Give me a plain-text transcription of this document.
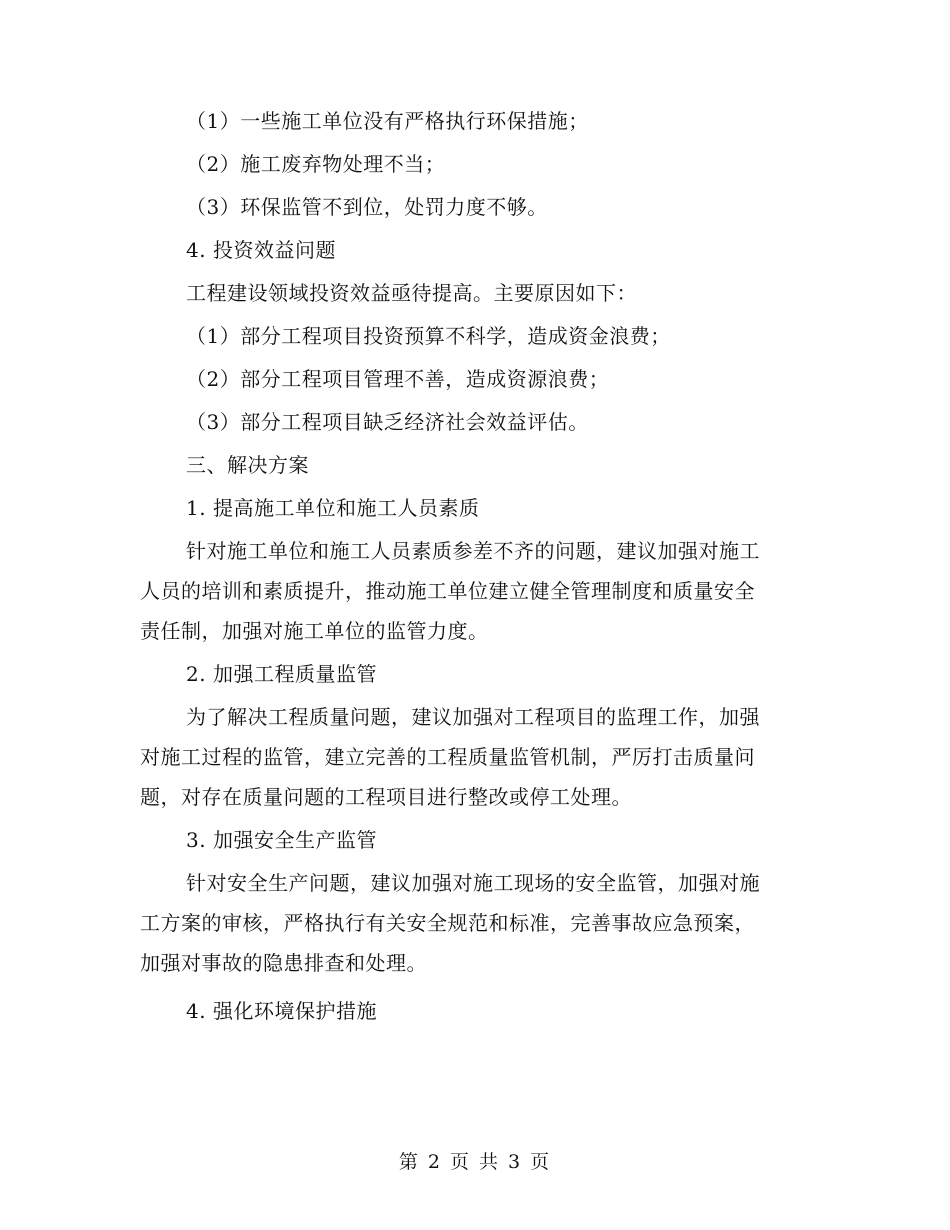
（1）一些施工单位没有严格执行环保措施；
（2）施工废弃物处理不当；
（3）环保监管不到位，处罚力度不够。
4. 投资效益问题
工程建设领域投资效益亟待提高。主要原因如下：
（1）部分工程项目投资预算不科学，造成资金浪费；
（2）部分工程项目管理不善，造成资源浪费；
（3）部分工程项目缺乏经济社会效益评估。
三、解决方案
1. 提高施工单位和施工人员素质
针对施工单位和施工人员素质参差不齐的问题，建议加强对施工
人员的培训和素质提升，推动施工单位建立健全管理制度和质量安全
责任制，加强对施工单位的监管力度。
2. 加强工程质量监管
为了解决工程质量问题，建议加强对工程项目的监理工作，加强
对施工过程的监管，建立完善的工程质量监管机制，严厉打击质量问
题，对存在质量问题的工程项目进行整改或停工处理。
3. 加强安全生产监管
针对安全生产问题，建议加强对施工现场的安全监管，加强对施
工方案的审核，严格执行有关安全规范和标准，完善事故应急预案，
加强对事故的隐患排查和处理。
4. 强化环境保护措施
第 2 页 共 3 页
